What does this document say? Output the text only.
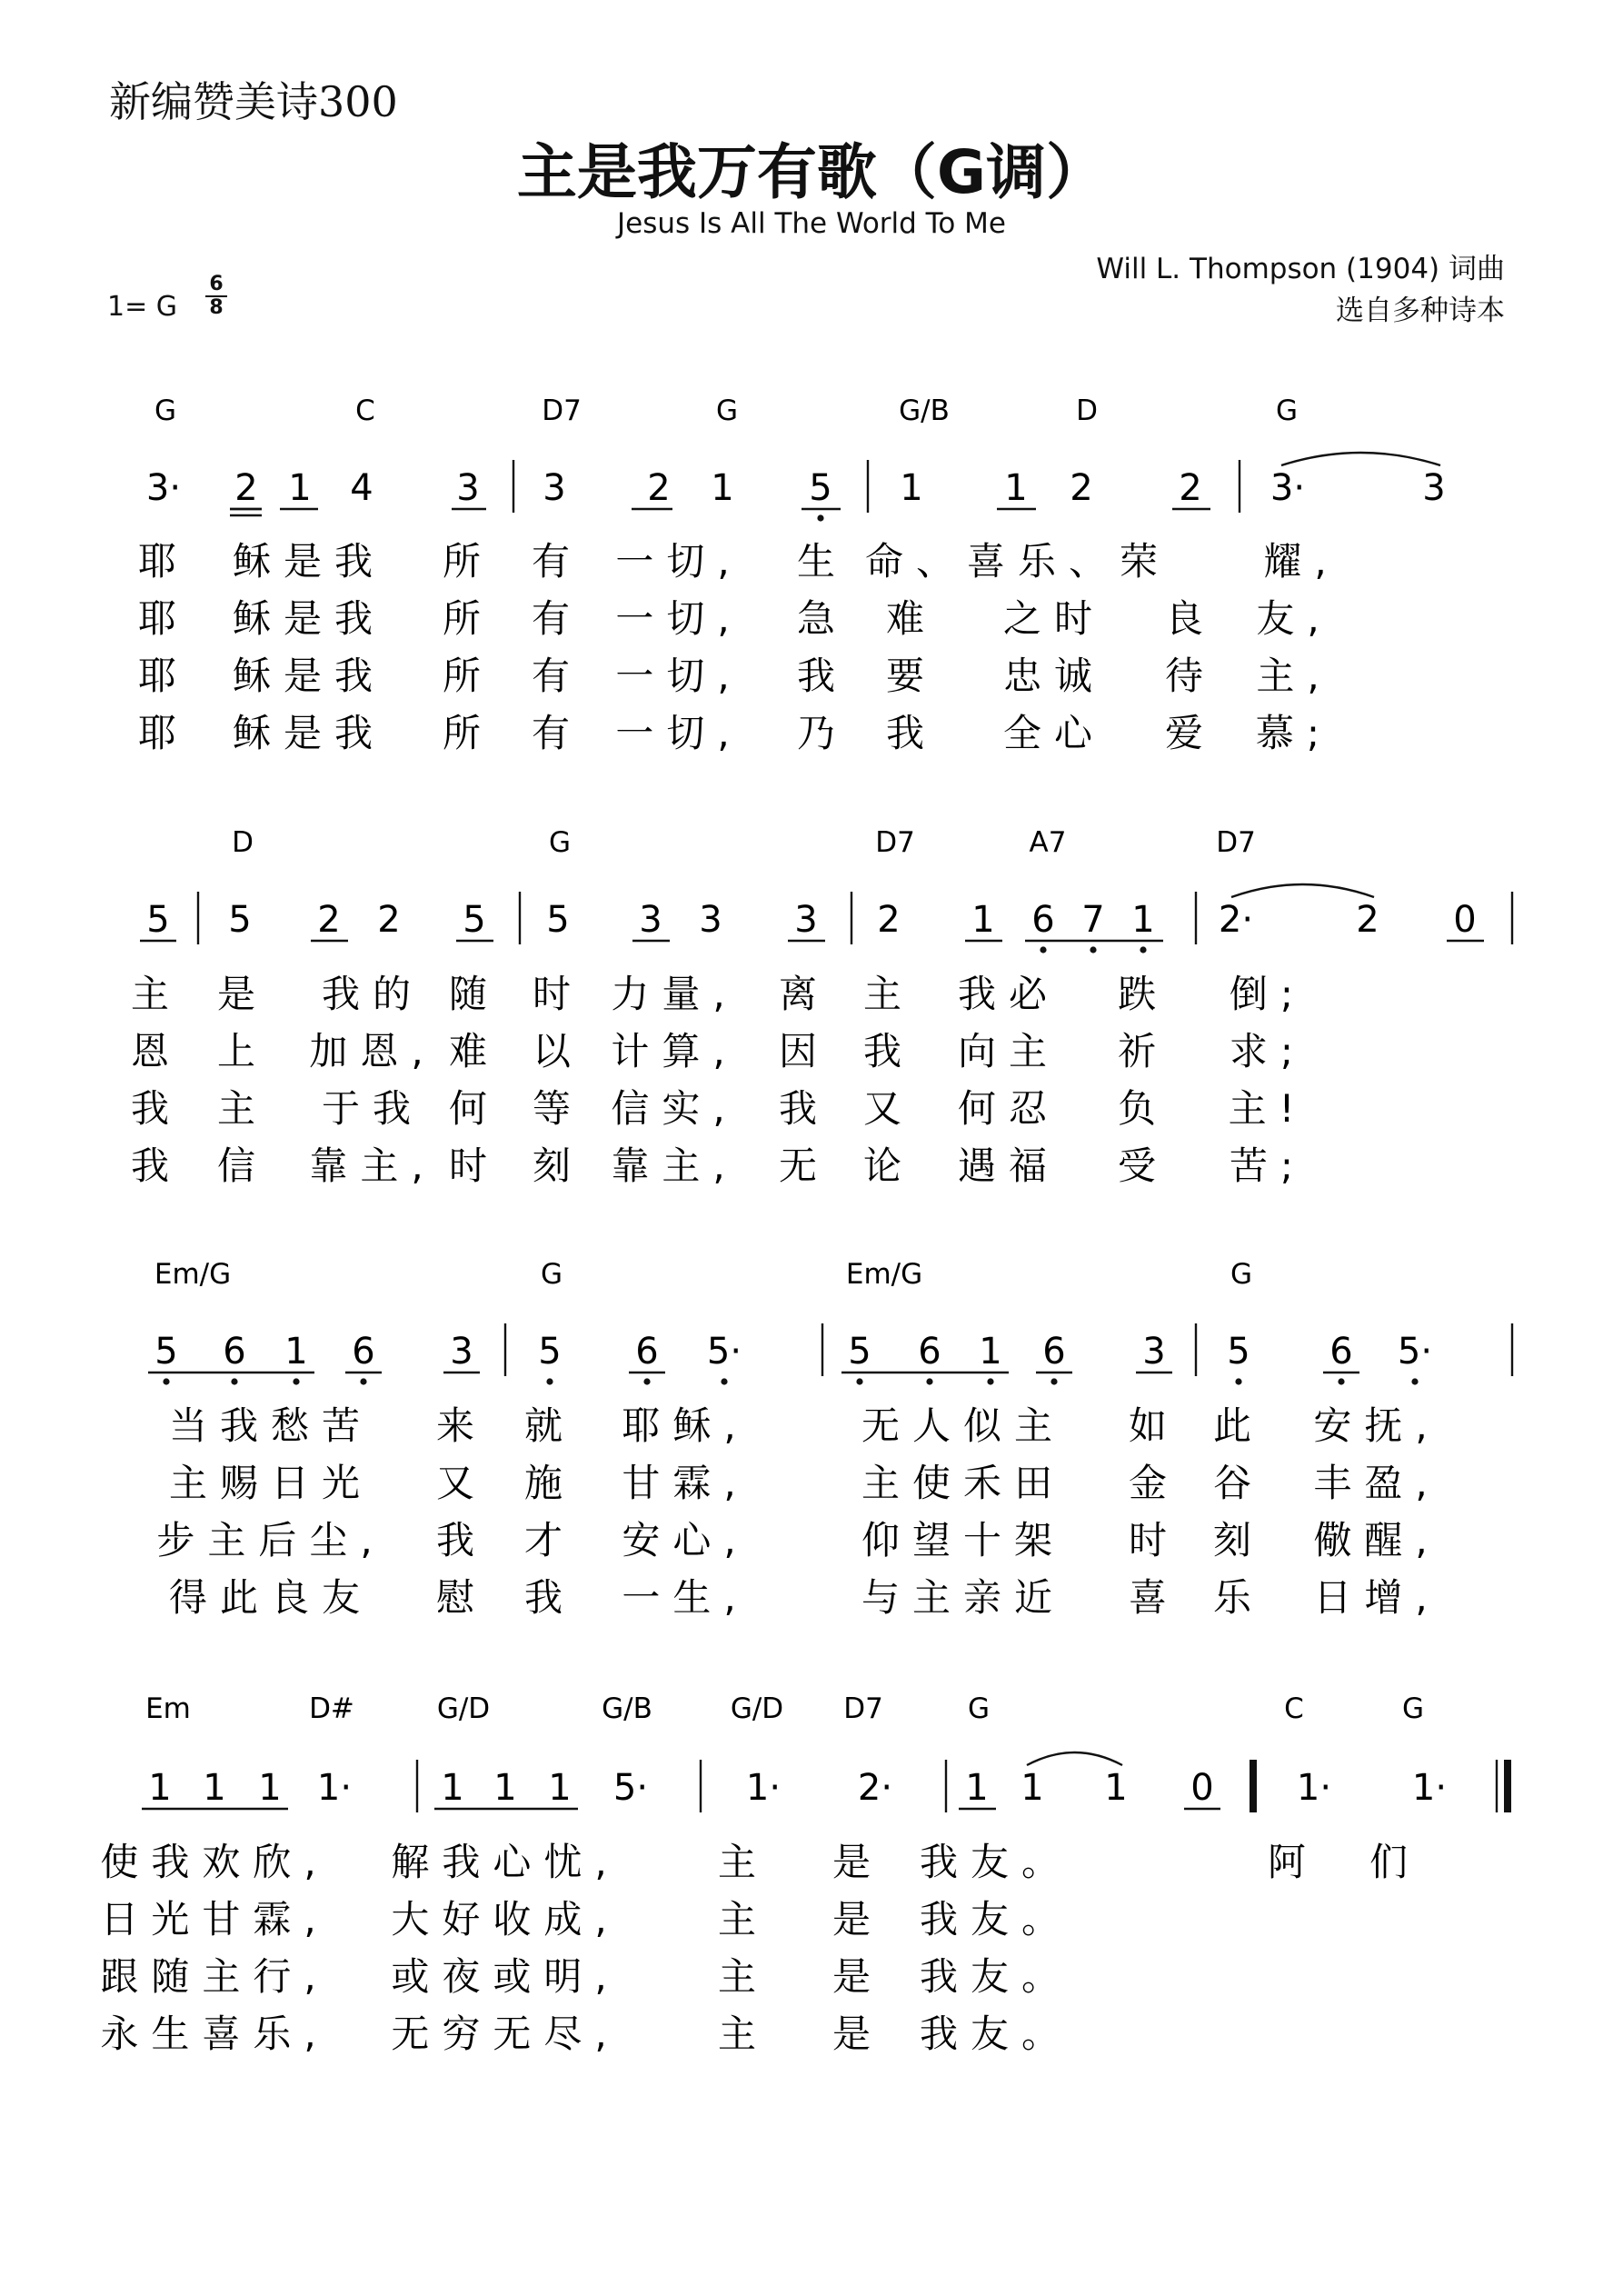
新编赞美诗300
主是我万有歌（G调）
Jesus Is All The World To Me
Will L. Thompson (1904) 词曲
选自多种诗本
1= G
6
8
G	C	D7	G	G/B	D	G
3· 2 1 4 3 3 2 1 5 1 1 2 2 3·	3
耶 稣是我 所 有 一切, 生 命、喜乐、荣 耀,
耶 稣是我 所 有 一切, 急 难 之时 良 友,
耶 稣是我 所 有 一切, 我 要 忠诚 待 主,
耶 稣是我 所 有 一切, 乃 我 全心 爱 慕;
D	G	D7	A7	D7
5 5 2 2 5 5 3 3 3 2 1 6 7 1 2·	2 0
主 是 我的 随 时 力量, 离 主 我必 跌 倒;
恩 上 加恩, 难 以 计算, 因 我 向主 祈 求;
我 主 于我 何 等 信实, 我 又 何忍 负 主!
我 信 靠主, 时 刻 靠主, 无 论 遇福 受 苦;
Em/G	G	Em/G	G
5 6 1 6 3 5 6 5·	5 6 1 6 3 5 6 5·
当我愁苦 来 就 耶稣,	无人似主 如 此 安抚,
主赐日光 又 施 甘霖,	主使禾田 金 谷 丰盈,
步主后尘, 我 才 安心,	仰望十架 时 刻 儆醒,
得此良友 慰 我 一生,	与主亲近 喜 乐 日增,
Em	D#	G/D	G/B	G/D D7	G	C	G
1 1 1 1· 1 1 1 5·	1· 2· 1 1 1 0 1· 1·
使我欢欣, 解我心忧,	主 是 我友。	阿 们
日光甘霖, 大好收成,	主 是 我友。
跟随主行, 或夜或明,	主 是 我友。
永生喜乐, 无穷无尽,	主 是 我友。
